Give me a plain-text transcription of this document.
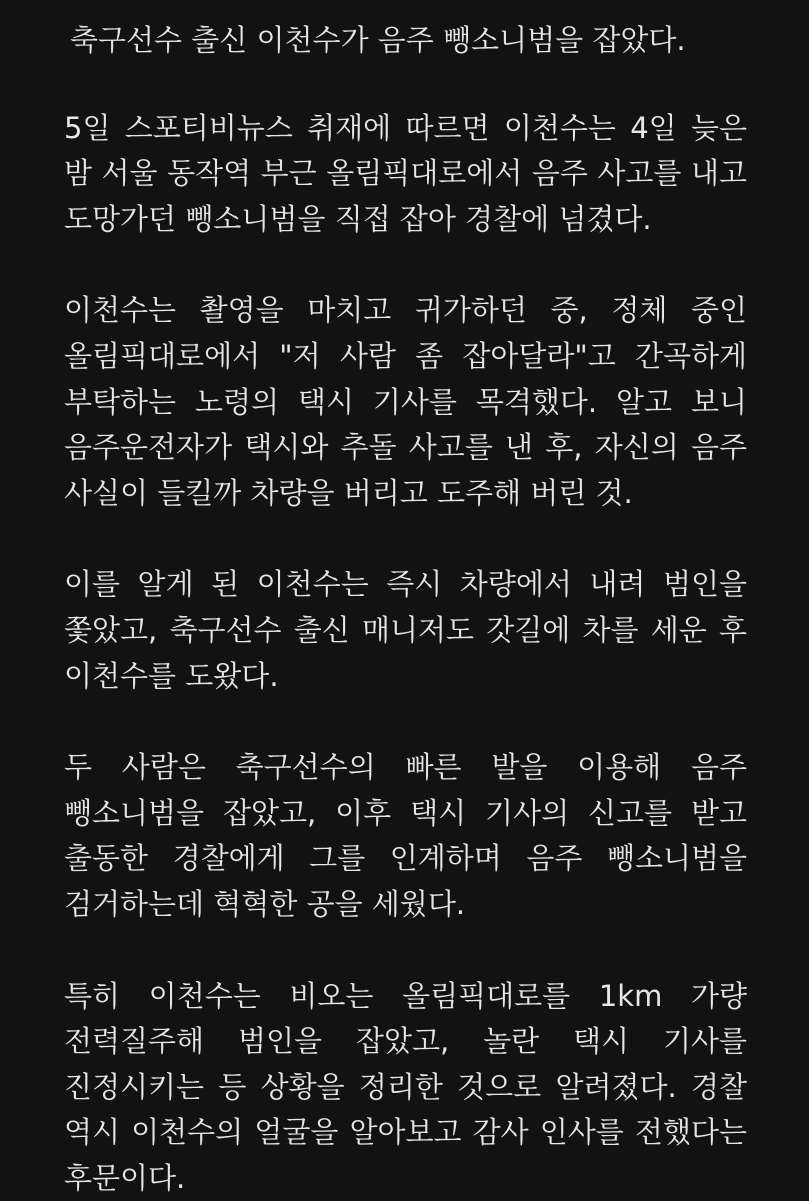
축구선수 출신 이천수가 음주 뺑소니범을 잡았다.

5일 스포티비뉴스 취재에 따르면 이천수는 4일 늦은 밤 서울 동작역 부근 올림픽대로에서 음주 사고를 내고 도망가던 뺑소니범을 직접 잡아 경찰에 넘겼다.

이천수는 촬영을 마치고 귀가하던 중, 정체 중인 올림픽대로에서 "저 사람 좀 잡아달라"고 간곡하게 부탁하는 노령의 택시 기사를 목격했다. 알고 보니 음주운전자가 택시와 추돌 사고를 낸 후, 자신의 음주 사실이 들킬까 차량을 버리고 도주해 버린 것.

이를 알게 된 이천수는 즉시 차량에서 내려 범인을 쫓았고, 축구선수 출신 매니저도 갓길에 차를 세운 후 이천수를 도왔다.

두 사람은 축구선수의 빠른 발을 이용해 음주 뺑소니범을 잡았고, 이후 택시 기사의 신고를 받고 출동한 경찰에게 그를 인계하며 음주 뺑소니범을 검거하는데 혁혁한 공을 세웠다.

특히 이천수는 비오는 올림픽대로를 1km 가량 전력질주해 범인을 잡았고, 놀란 택시 기사를 진정시키는 등 상황을 정리한 것으로 알려졌다. 경찰 역시 이천수의 얼굴을 알아보고 감사 인사를 전했다는 후문이다.
